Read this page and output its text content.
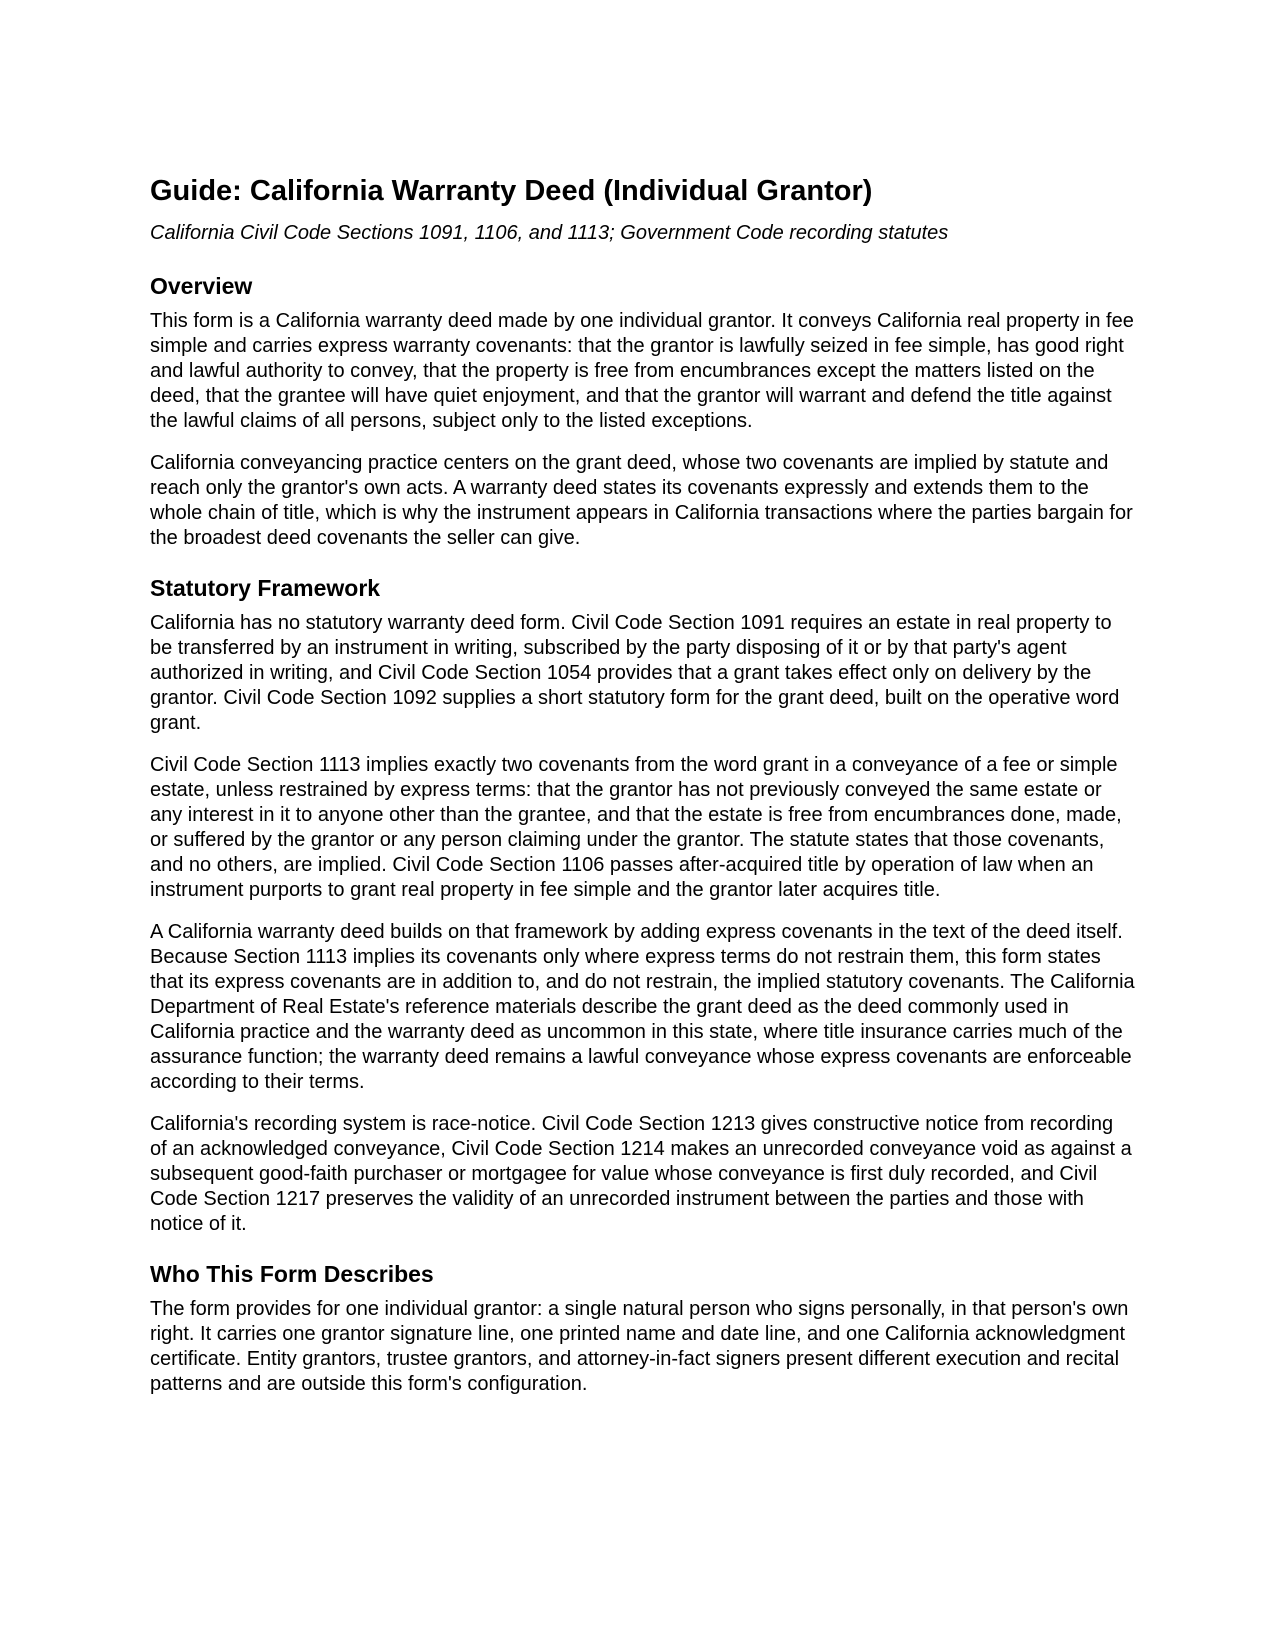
Guide: California Warranty Deed (Individual Grantor)
California Civil Code Sections 1091, 1106, and 1113; Government Code recording statutes
Overview

This form is a California warranty deed made by one individual grantor. It conveys California real property in fee simple and carries express warranty covenants: that the grantor is lawfully seized in fee simple, has good right and lawful authority to convey, that the property is free from encumbrances except the matters listed on the deed, that the grantee will have quiet enjoyment, and that the grantor will warrant and defend the title against the lawful claims of all persons, subject only to the listed exceptions.

California conveyancing practice centers on the grant deed, whose two covenants are implied by statute and reach only the grantor's own acts. A warranty deed states its covenants expressly and extends them to the whole chain of title, which is why the instrument appears in California transactions where the parties bargain for the broadest deed covenants the seller can give.

Statutory Framework

California has no statutory warranty deed form. Civil Code Section 1091 requires an estate in real property to be transferred by an instrument in writing, subscribed by the party disposing of it or by that party's agent authorized in writing, and Civil Code Section 1054 provides that a grant takes effect only on delivery by the grantor. Civil Code Section 1092 supplies a short statutory form for the grant deed, built on the operative word grant.

Civil Code Section 1113 implies exactly two covenants from the word grant in a conveyance of a fee or simple estate, unless restrained by express terms: that the grantor has not previously conveyed the same estate or any interest in it to anyone other than the grantee, and that the estate is free from encumbrances done, made, or suffered by the grantor or any person claiming under the grantor. The statute states that those covenants, and no others, are implied. Civil Code Section 1106 passes after-acquired title by operation of law when an instrument purports to grant real property in fee simple and the grantor later acquires title.

A California warranty deed builds on that framework by adding express covenants in the text of the deed itself. Because Section 1113 implies its covenants only where express terms do not restrain them, this form states that its express covenants are in addition to, and do not restrain, the implied statutory covenants. The California Department of Real Estate's reference materials describe the grant deed as the deed commonly used in California practice and the warranty deed as uncommon in this state, where title insurance carries much of the assurance function; the warranty deed remains a lawful conveyance whose express covenants are enforceable according to their terms.

California's recording system is race-notice. Civil Code Section 1213 gives constructive notice from recording of an acknowledged conveyance, Civil Code Section 1214 makes an unrecorded conveyance void as against a subsequent good-faith purchaser or mortgagee for value whose conveyance is first duly recorded, and Civil Code Section 1217 preserves the validity of an unrecorded instrument between the parties and those with notice of it.

Who This Form Describes

The form provides for one individual grantor: a single natural person who signs personally, in that person's own right. It carries one grantor signature line, one printed name and date line, and one California acknowledgment certificate. Entity grantors, trustee grantors, and attorney-in-fact signers present different execution and recital patterns and are outside this form's configuration.
